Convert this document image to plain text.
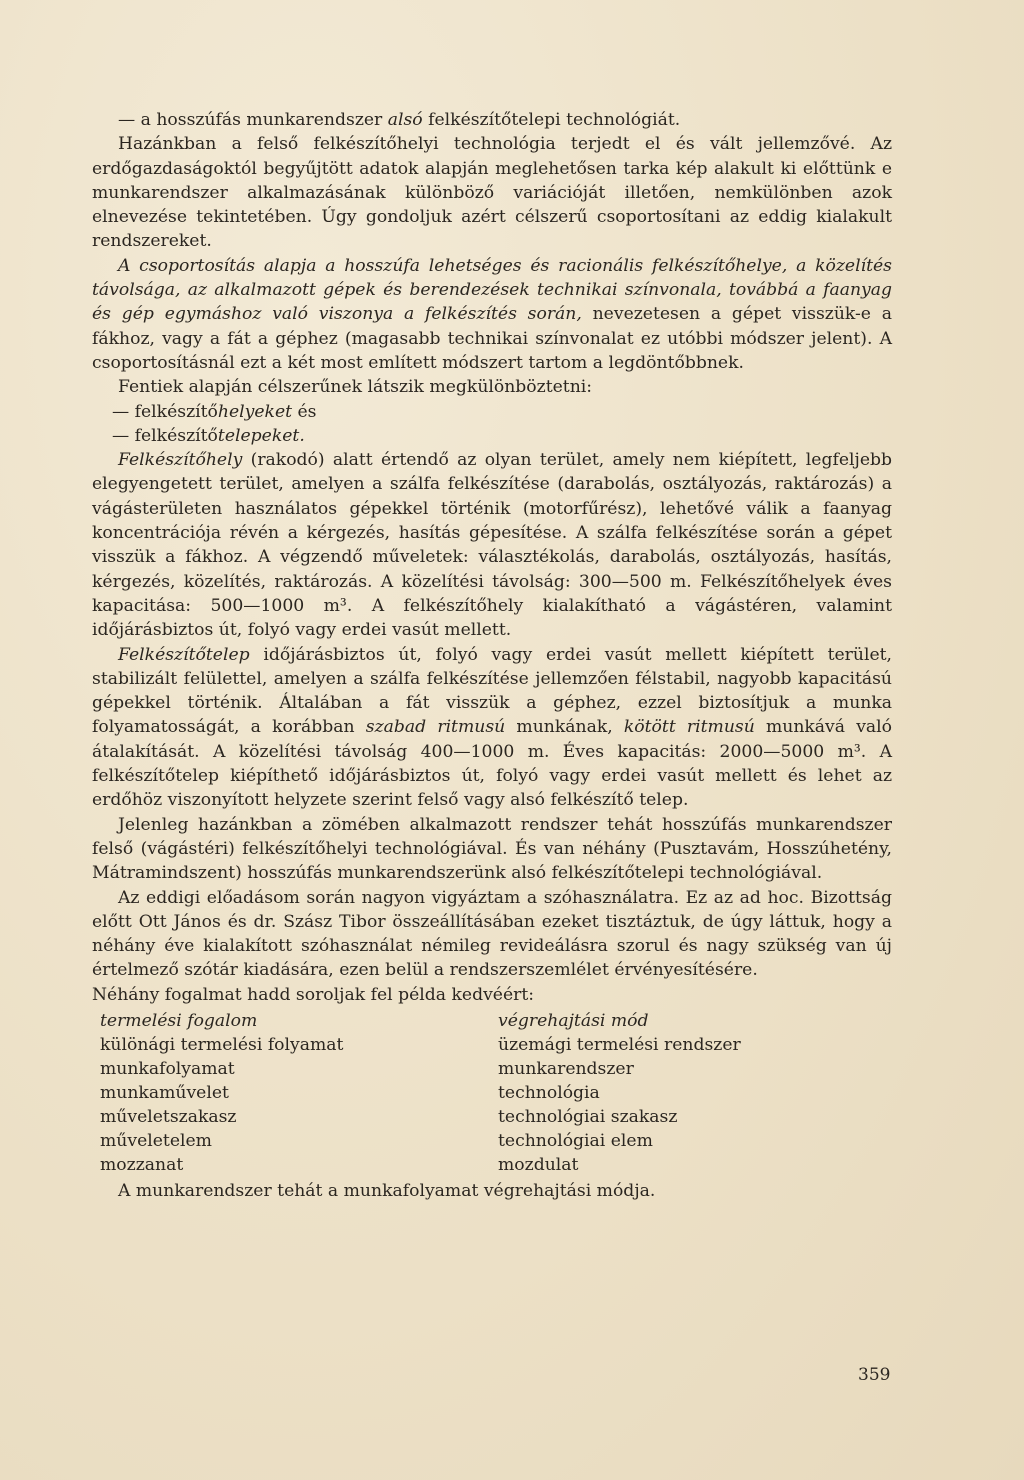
— a hosszúfás munkarendszer alsó felkészítőtelepi technológiát.

Hazánkban a felső felkészítőhelyi technológia terjedt el és vált jellemzővé. Az erdőgazdaságoktól begyűjtött adatok alapján meglehetősen tarka kép alakult ki előttünk e munkarendszer alkalmazásának különböző variációját illetően, nemkülönben azok elnevezése tekintetében. Úgy gondoljuk azért célszerű csoportosítani az eddig kialakult rendszereket.

A csoportosítás alapja a hosszúfa lehetséges és racionális felkészítőhelye, a közelítés távolsága, az alkalmazott gépek és berendezések technikai színvonala, továbbá a faanyag és gép egymáshoz való viszonya a felkészítés során, nevezetesen a gépet visszük-e a fákhoz, vagy a fát a géphez (magasabb technikai színvonalat ez utóbbi módszer jelent). A csoportosításnál ezt a két most említett módszert tartom a legdöntőbbnek.

Fentiek alapján célszerűnek látszik megkülönböztetni:

— felkészítőhelyeket és

— felkészítőtelepeket.

Felkészítőhely (rakodó) alatt értendő az olyan terület, amely nem kiépített, legfeljebb elegyengetett terület, amelyen a szálfa felkészítése (darabolás, osztályozás, raktározás) a vágásterületen használatos gépekkel történik (motorfűrész), lehetővé válik a faanyag koncentrációja révén a kérgezés, hasítás gépesítése. A szálfa felkészítése során a gépet visszük a fákhoz. A végzendő műveletek: választékolás, darabolás, osztályozás, hasítás, kérgezés, közelítés, raktározás. A közelítési távolság: 300—500 m. Felkészítőhelyek éves kapacitása: 500—1000 m³. A felkészítőhely kialakítható a vágástéren, valamint időjárásbiztos út, folyó vagy erdei vasút mellett.

Felkészítőtelep időjárásbiztos út, folyó vagy erdei vasút mellett kiépített terület, stabilizált felülettel, amelyen a szálfa felkészítése jellemzően félstabil, nagyobb kapacitású gépekkel történik. Általában a fát visszük a géphez, ezzel biztosítjuk a munka folyamatosságát, a korábban szabad ritmusú munkának, kötött ritmusú munkává való átalakítását. A közelítési távolság 400—1000 m. Éves kapacitás: 2000—5000 m³. A felkészítőtelep kiépíthető időjárásbiztos út, folyó vagy erdei vasút mellett és lehet az erdőhöz viszonyított helyzete szerint felső vagy alsó felkészítő telep.

Jelenleg hazánkban a zömében alkalmazott rendszer tehát hosszúfás munkarendszer felső (vágástéri) felkészítőhelyi technológiával. És van néhány (Pusztavám, Hosszúhetény, Mátramindszent) hosszúfás munkarendszerünk alsó felkészítőtelepi technológiával.

Az eddigi előadásom során nagyon vigyáztam a szóhasználatra. Ez az ad hoc. Bizottság előtt Ott János és dr. Szász Tibor összeállításában ezeket tisztáztuk, de úgy láttuk, hogy a néhány éve kialakított szóhasználat némileg revideálásra szorul és nagy szükség van új értelmező szótár kiadására, ezen belül a rendszerszemlélet érvényesítésére.

Néhány fogalmat hadd soroljak fel példa kedvéért:

termelési fogalom	végrehajtási mód
különági termelési folyamat	üzemági termelési rendszer
munkafolyamat	munkarendszer
munkaművelet	technológia
műveletszakasz	technológiai szakasz
műveletelem	technológiai elem
mozzanat	mozdulat

A munkarendszer tehát a munkafolyamat végrehajtási módja.

359
